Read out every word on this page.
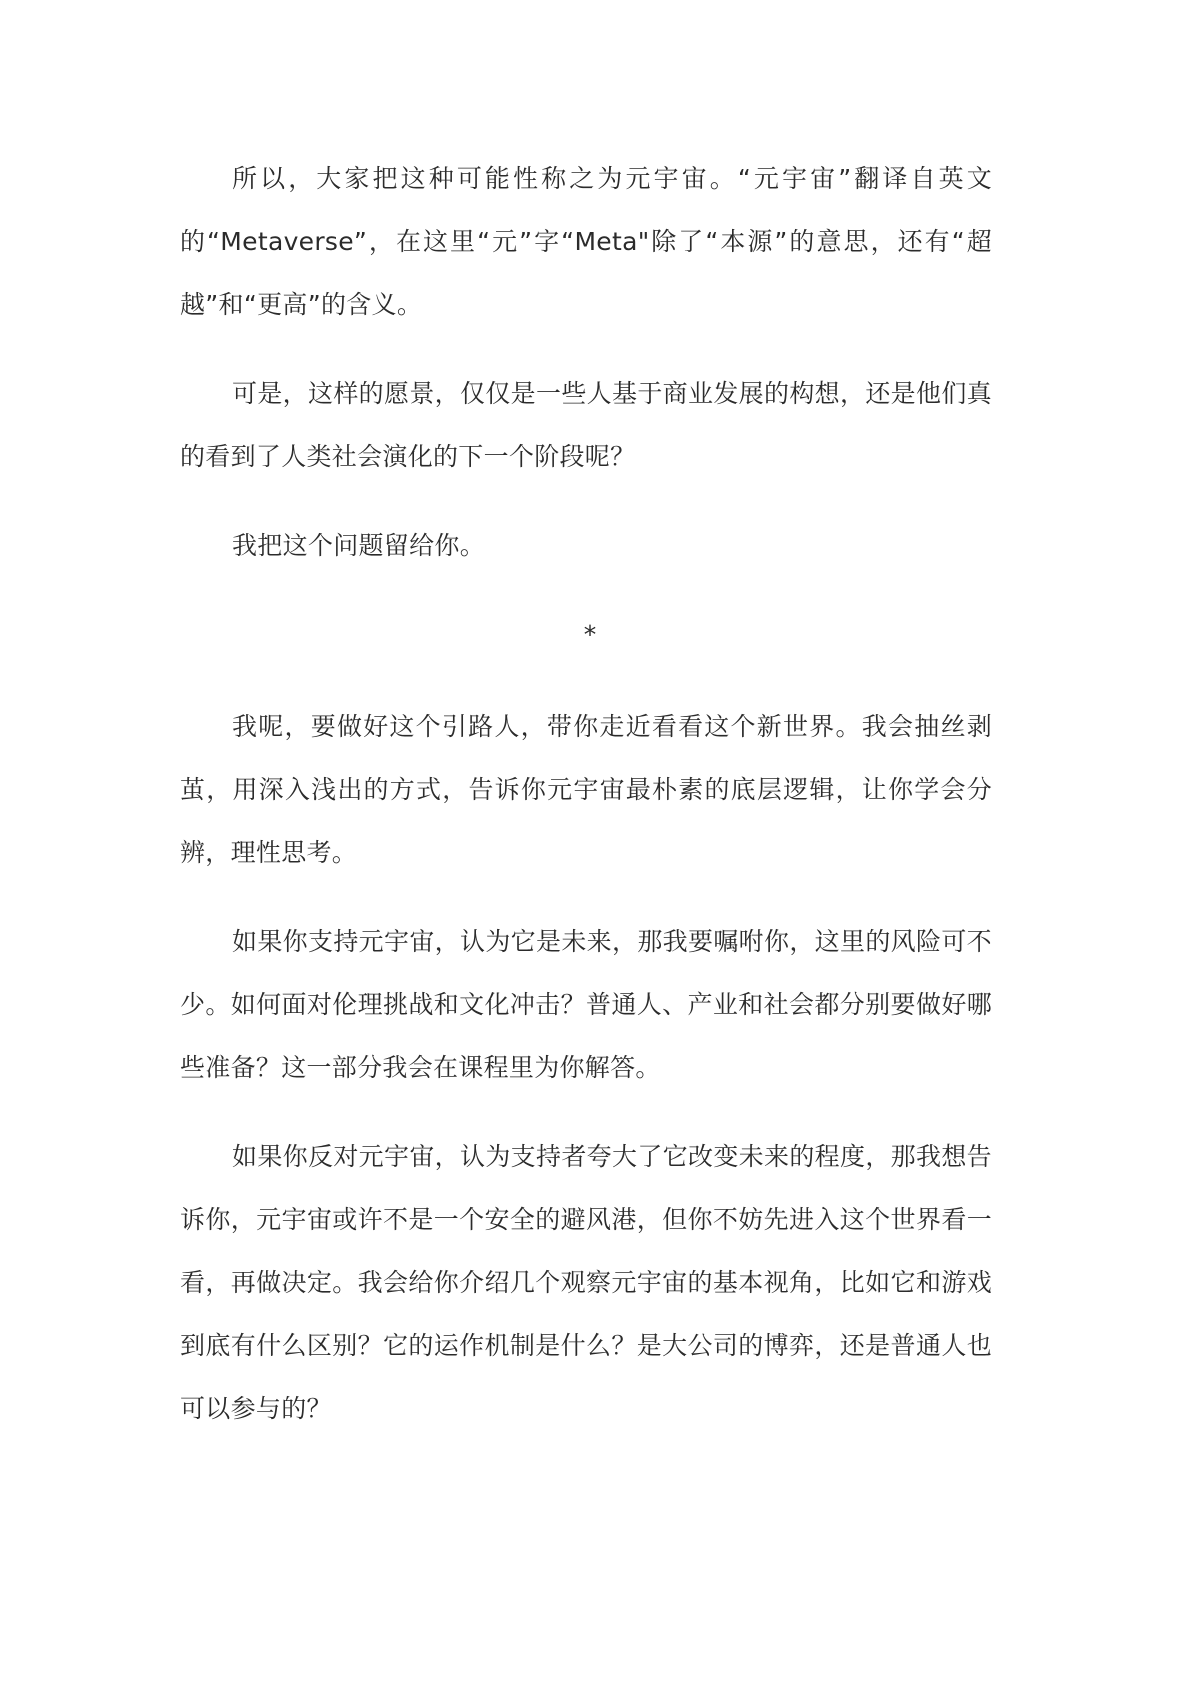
所以，大家把这种可能性称之为元宇宙。“元宇宙”翻译自英文的“Metaverse”，在这里“元”字“Meta"除了“本源”的意思，还有“超越”和“更高”的含义。

可是，这样的愿景，仅仅是一些人基于商业发展的构想，还是他们真的看到了人类社会演化的下一个阶段呢？

我把这个问题留给你。

*

我呢，要做好这个引路人，带你走近看看这个新世界。我会抽丝剥茧，用深入浅出的方式，告诉你元宇宙最朴素的底层逻辑，让你学会分辨，理性思考。

如果你支持元宇宙，认为它是未来，那我要嘱咐你，这里的风险可不少。如何面对伦理挑战和文化冲击？普通人、产业和社会都分别要做好哪些准备？这一部分我会在课程里为你解答。

如果你反对元宇宙，认为支持者夸大了它改变未来的程度，那我想告诉你，元宇宙或许不是一个安全的避风港，但你不妨先进入这个世界看一看，再做决定。我会给你介绍几个观察元宇宙的基本视角，比如它和游戏到底有什么区别？它的运作机制是什么？是大公司的博弈，还是普通人也可以参与的？
